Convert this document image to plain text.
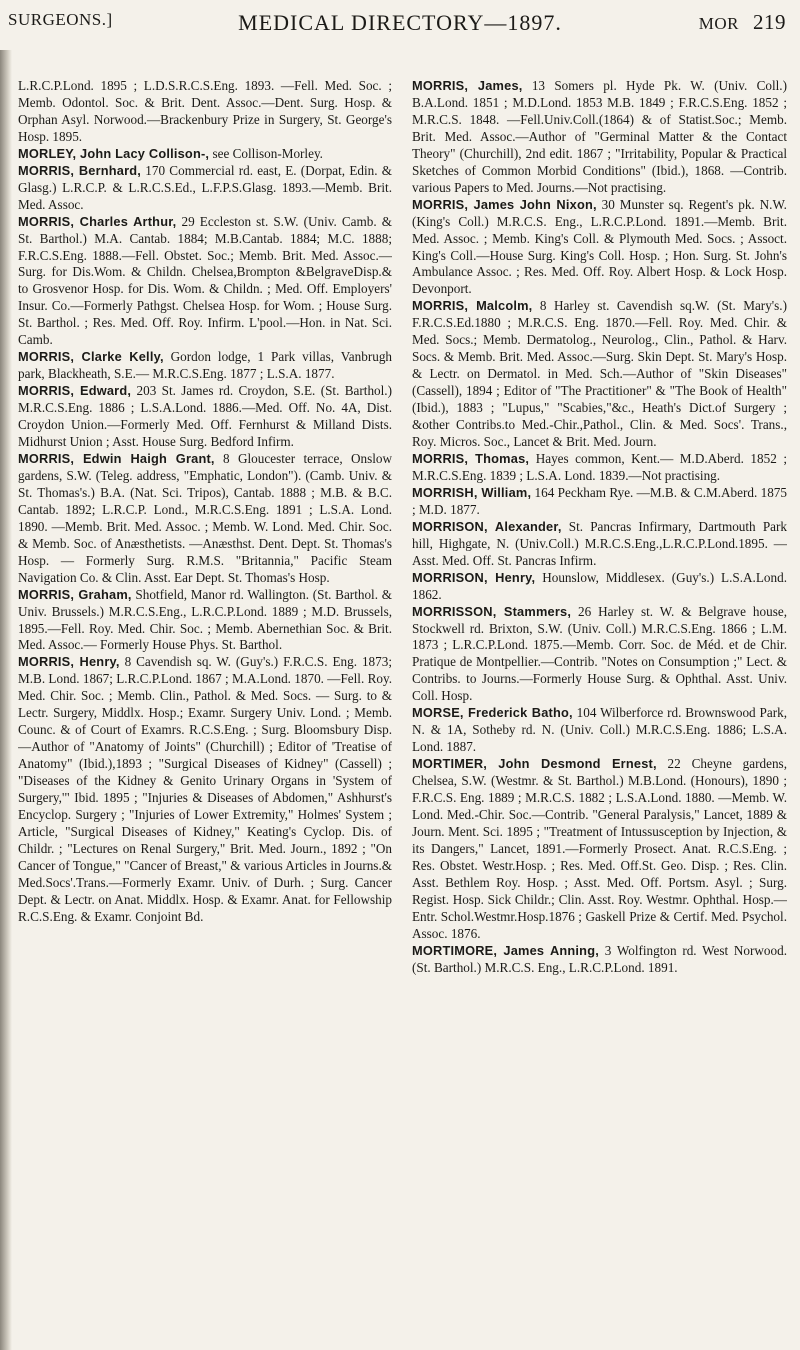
SURGEONS.]	MEDICAL DIRECTORY—1897.	MOR 219

L.R.C.P.Lond. 1895 ; L.D.S.R.C.S.Eng. 1893. —Fell. Med. Soc. ; Memb. Odontol. Soc. & Brit. Dent. Assoc.—Dent. Surg. Hosp. & Orphan Asyl. Norwood.—Brackenbury Prize in Surgery, St. George's Hosp. 1895.

MORLEY, John Lacy Collison-, see Collison-Morley.

MORRIS, Bernhard, 170 Commercial rd. east, E. (Dorpat, Edin. & Glasg.) L.R.C.P. & L.R.C.S.Ed., L.F.P.S.Glasg. 1893.—Memb. Brit. Med. Assoc.

MORRIS, Charles Arthur, 29 Eccleston st. S.W. (Univ. Camb. & St. Barthol.) M.A. Cantab. 1884; M.B.Cantab. 1884; M.C. 1888; F.R.C.S.Eng. 1888.—Fell. Obstet. Soc.; Memb. Brit. Med. Assoc.—Surg. for Dis.Wom. & Childn. Chelsea,Brompton &BelgraveDisp.& to Grosvenor Hosp. for Dis. Wom. & Childn. ; Med. Off. Employers' Insur. Co.—Formerly Pathgst. Chelsea Hosp. for Wom. ; House Surg. St. Barthol. ; Res. Med. Off. Roy. Infirm. L'pool.—Hon. in Nat. Sci. Camb.

MORRIS, Clarke Kelly, Gordon lodge, 1 Park villas, Vanbrugh park, Blackheath, S.E.— M.R.C.S.Eng. 1877 ; L.S.A. 1877.

MORRIS, Edward, 203 St. James rd. Croydon, S.E. (St. Barthol.) M.R.C.S.Eng. 1886 ; L.S.A.Lond. 1886.—Med. Off. No. 4A, Dist. Croydon Union.—Formerly Med. Off. Fernhurst & Milland Dists. Midhurst Union ; Asst. House Surg. Bedford Infirm.

MORRIS, Edwin Haigh Grant, 8 Gloucester terrace, Onslow gardens, S.W. (Teleg. address, "Emphatic, London"). (Camb. Univ. & St. Thomas's.) B.A. (Nat. Sci. Tripos), Cantab. 1888 ; M.B. & B.C. Cantab. 1892; L.R.C.P. Lond., M.R.C.S.Eng. 1891 ; L.S.A. Lond. 1890. —Memb. Brit. Med. Assoc. ; Memb. W. Lond. Med. Chir. Soc. & Memb. Soc. of Anæsthetists. —Anæsthst. Dent. Dept. St. Thomas's Hosp. — Formerly Surg. R.M.S. "Britannia," Pacific Steam Navigation Co. & Clin. Asst. Ear Dept. St. Thomas's Hosp.

MORRIS, Graham, Shotfield, Manor rd. Wallington. (St. Barthol. & Univ. Brussels.) M.R.C.S.Eng., L.R.C.P.Lond. 1889 ; M.D. Brussels, 1895.—Fell. Roy. Med. Chir. Soc. ; Memb. Abernethian Soc. & Brit. Med. Assoc.— Formerly House Phys. St. Barthol.

MORRIS, Henry, 8 Cavendish sq. W. (Guy's.) F.R.C.S. Eng. 1873; M.B. Lond. 1867; L.R.C.P.Lond. 1867 ; M.A.Lond. 1870. —Fell. Roy. Med. Chir. Soc. ; Memb. Clin., Pathol. & Med. Socs. — Surg. to & Lectr. Surgery, Middlx. Hosp.; Examr. Surgery Univ. Lond. ; Memb. Counc. & of Court of Examrs. R.C.S.Eng. ; Surg. Bloomsbury Disp.—Author of "Anatomy of Joints" (Churchill) ; Editor of 'Treatise of Anatomy" (Ibid.),1893 ; "Surgical Diseases of Kidney" (Cassell) ; "Diseases of the Kidney & Genito Urinary Organs in 'System of Surgery,'" Ibid. 1895 ; "Injuries & Diseases of Abdomen," Ashhurst's Encyclop. Surgery ; "Injuries of Lower Extremity," Holmes' System ; Article, "Surgical Diseases of Kidney," Keating's Cyclop. Dis. of Childr. ; "Lectures on Renal Surgery," Brit. Med. Journ., 1892 ; "On Cancer of Tongue," "Cancer of Breast," & various Articles in Journs.& Med.Socs'.Trans.—Formerly Examr. Univ. of Durh. ; Surg. Cancer Dept. & Lectr. on Anat. Middlx. Hosp. & Examr. Anat. for Fellowship R.C.S.Eng. & Examr. Conjoint Bd.

MORRIS, James, 13 Somers pl. Hyde Pk. W. (Univ. Coll.) B.A.Lond. 1851 ; M.D.Lond. 1853 M.B. 1849 ; F.R.C.S.Eng. 1852 ; M.R.C.S. 1848. —Fell.Univ.Coll.(1864) & of Statist.Soc.; Memb. Brit. Med. Assoc.—Author of "Germinal Matter & the Contact Theory" (Churchill), 2nd edit. 1867 ; "Irritability, Popular & Practical Sketches of Common Morbid Conditions" (Ibid.), 1868. —Contrib. various Papers to Med. Journs.—Not practising.

MORRIS, James John Nixon, 30 Munster sq. Regent's pk. N.W. (King's Coll.) M.R.C.S. Eng., L.R.C.P.Lond. 1891.—Memb. Brit. Med. Assoc. ; Memb. King's Coll. & Plymouth Med. Socs. ; Assoct. King's Coll.—House Surg. King's Coll. Hosp. ; Hon. Surg. St. John's Ambulance Assoc. ; Res. Med. Off. Roy. Albert Hosp. & Lock Hosp. Devonport.

MORRIS, Malcolm, 8 Harley st. Cavendish sq.W. (St. Mary's.) F.R.C.S.Ed.1880 ; M.R.C.S. Eng. 1870.—Fell. Roy. Med. Chir. & Med. Socs.; Memb. Dermatolog., Neurolog., Clin., Pathol. & Harv. Socs. & Memb. Brit. Med. Assoc.—Surg. Skin Dept. St. Mary's Hosp. & Lectr. on Dermatol. in Med. Sch.—Author of "Skin Diseases" (Cassell), 1894 ; Editor of "The Practitioner" & "The Book of Health" (Ibid.), 1883 ; "Lupus," "Scabies,"&c., Heath's Dict.of Surgery ; &other Contribs.to Med.-Chir.,Pathol., Clin. & Med. Socs'. Trans., Roy. Micros. Soc., Lancet & Brit. Med. Journ.

MORRIS, Thomas, Hayes common, Kent.— M.D.Aberd. 1852 ; M.R.C.S.Eng. 1839 ; L.S.A. Lond. 1839.—Not practising.

MORRISH, William, 164 Peckham Rye. —M.B. & C.M.Aberd. 1875 ; M.D. 1877.

MORRISON, Alexander, St. Pancras Infirmary, Dartmouth Park hill, Highgate, N. (Univ.Coll.) M.R.C.S.Eng.,L.R.C.P.Lond.1895. —Asst. Med. Off. St. Pancras Infirm.

MORRISON, Henry, Hounslow, Middlesex. (Guy's.) L.S.A.Lond. 1862.

MORRISSON, Stammers, 26 Harley st. W. & Belgrave house, Stockwell rd. Brixton, S.W. (Univ. Coll.) M.R.C.S.Eng. 1866 ; L.M. 1873 ; L.R.C.P.Lond. 1875.—Memb. Corr. Soc. de Méd. et de Chir. Pratique de Montpellier.—Contrib. "Notes on Consumption ;" Lect. & Contribs. to Journs.—Formerly House Surg. & Ophthal. Asst. Univ. Coll. Hosp.

MORSE, Frederick Batho, 104 Wilberforce rd. Brownswood Park, N. & 1A, Sotheby rd. N. (Univ. Coll.) M.R.C.S.Eng. 1886; L.S.A. Lond. 1887.

MORTIMER, John Desmond Ernest, 22 Cheyne gardens, Chelsea, S.W. (Westmr. & St. Barthol.) M.B.Lond. (Honours), 1890 ; F.R.C.S. Eng. 1889 ; M.R.C.S. 1882 ; L.S.A.Lond. 1880. —Memb. W. Lond. Med.-Chir. Soc.—Contrib. "General Paralysis," Lancet, 1889 & Journ. Ment. Sci. 1895 ; "Treatment of Intussusception by Injection, & its Dangers," Lancet, 1891.—Formerly Prosect. Anat. R.C.S.Eng. ; Res. Obstet. Westr.Hosp. ; Res. Med. Off.St. Geo. Disp. ; Res. Clin. Asst. Bethlem Roy. Hosp. ; Asst. Med. Off. Portsm. Asyl. ; Surg. Regist. Hosp. Sick Childr.; Clin. Asst. Roy. Westmr. Ophthal. Hosp.—Entr. Schol.Westmr.Hosp.1876 ; Gaskell Prize & Certif. Med. Psychol. Assoc. 1876.

MORTIMORE, James Anning, 3 Wolfington rd. West Norwood. (St. Barthol.) M.R.C.S. Eng., L.R.C.P.Lond. 1891.
